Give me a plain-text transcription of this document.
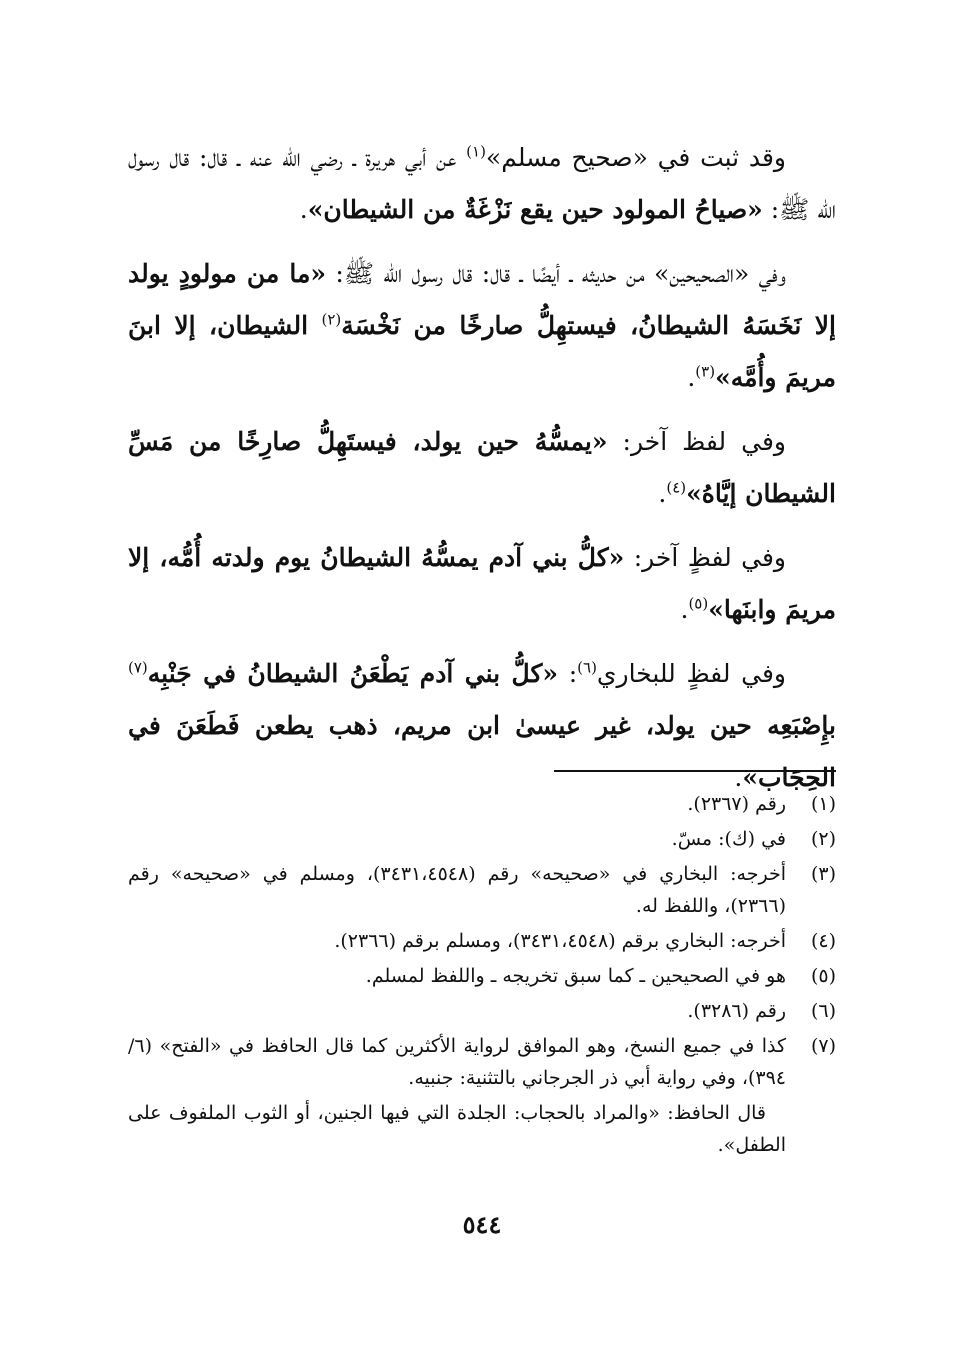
وقد ثبت في «صحيح مسلم»$^{(١)}$ عن أبي هريرة ـ رضي الله عنه ـ قال: قال رسول الله ﷺ: «صياحُ المولود حين يقع نَزْغَةٌ من الشيطان».

وفي «الصحيحين» من حديثه ـ أيضًا ـ قال: قال رسول الله ﷺ: «ما من مولودٍ يولد إلا نَخَسَهُ الشيطانُ، فيستهِلُّ صارخًا من نَخْسَة$^{(٢)}$ الشيطان، إلا ابنَ مريمَ وأُمَّه»$^{(٣)}$.

وفي لفظ آخر: «يمسُّهُ حين يولد، فيستَهِلُّ صارِخًا من مَسِّ الشيطان إيَّاهُ»$^{(٤)}$.

وفي لفظٍ آخر: «كلُّ بني آدم يمسُّهُ الشيطانُ يوم ولدته أُمُّه، إلا مريمَ وابنَها»$^{(٥)}$.

وفي لفظٍ للبخاري$^{(٦)}$: «كلُّ بني آدم يَطْعَنُ الشيطانُ في جَنْبِه$^{(٧)}$ بإِصْبَعِه حين يولد، غير عيسىٰ ابن مريم، ذهب يطعن فَطَعَنَ في الحِجَاب».

(١)
رقم (٢٣٦٧).
(٢)
في (ك): مسّ.
(٣)
أخرجه: البخاري في «صحيحه» رقم (٣٤٣١،٤٥٤٨)، ومسلم في «صحيحه» رقم (٢٣٦٦)، واللفظ له.
(٤)
أخرجه: البخاري برقم (٣٤٣١،٤٥٤٨)، ومسلم برقم (٢٣٦٦).
(٥)
هو في الصحيحين ـ كما سبق تخريجه ـ واللفظ لمسلم.
(٦)
رقم (٣٢٨٦).
(٧)
كذا في جميع النسخ، وهو الموافق لرواية الأكثرين كما قال الحافظ في «الفتح» (٦/ ٣٩٤)، وفي رواية أبي ذر الجرجاني بالتثنية: جنبيه.

قال الحافظ: «والمراد بالحجاب: الجلدة التي فيها الجنين، أو الثوب الملفوف على الطفل».

٥٤٤
